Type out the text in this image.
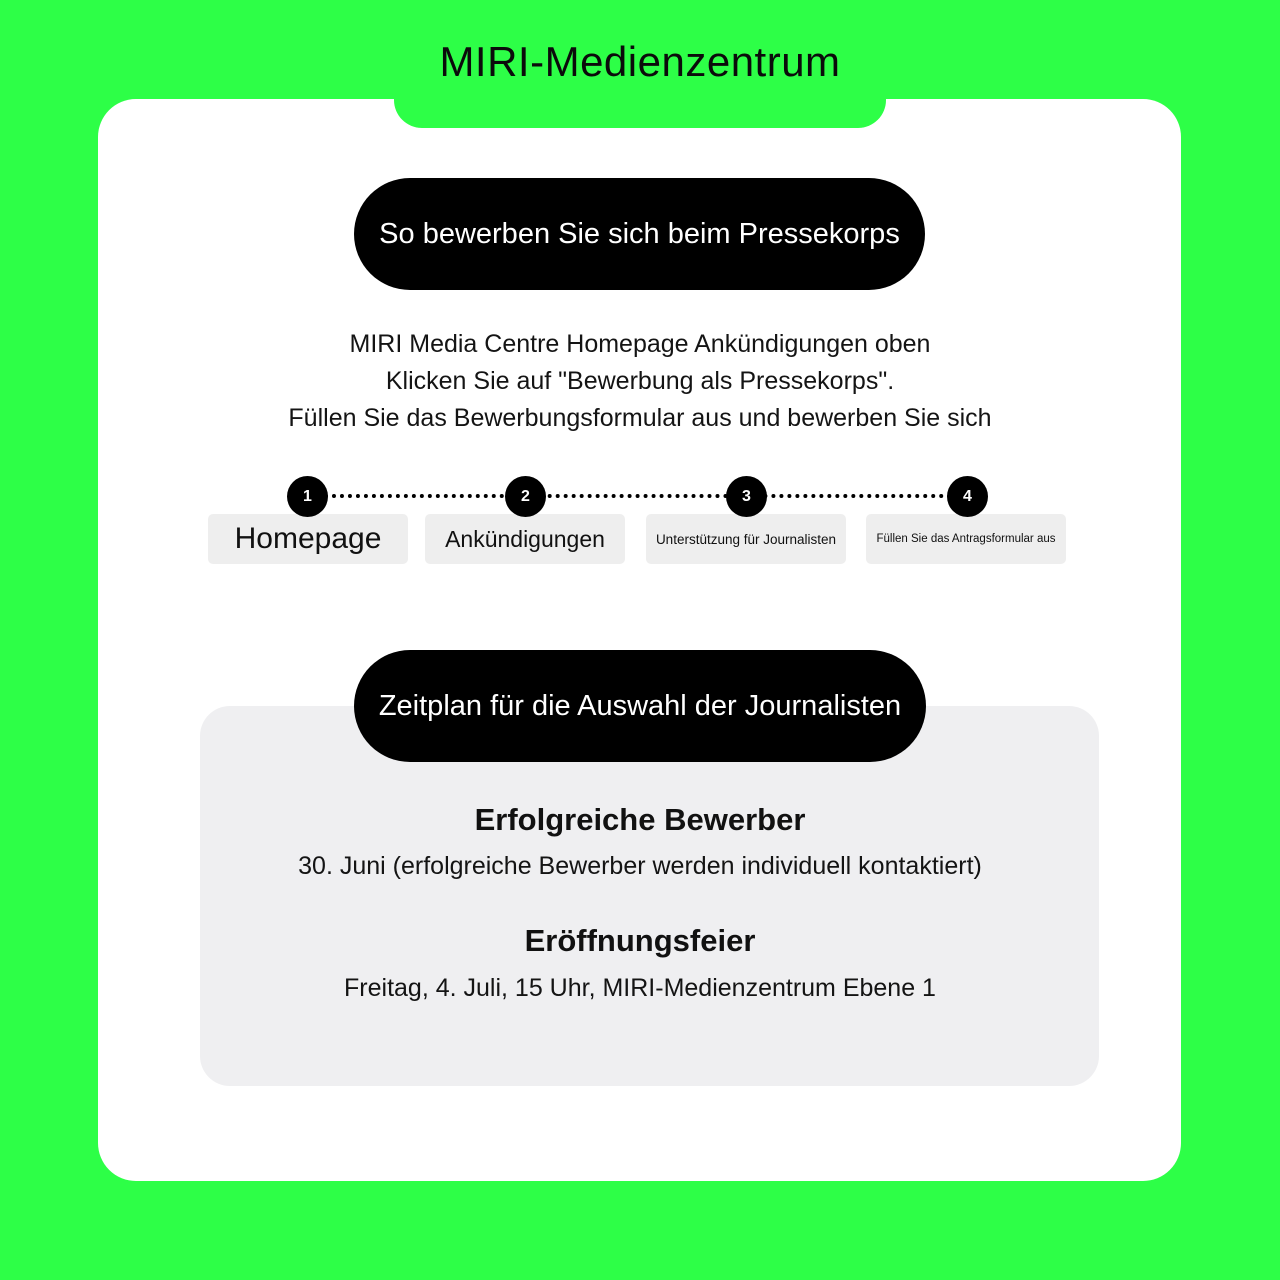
MIRI-Medienzentrum
So bewerben Sie sich beim Pressekorps
MIRI Media Centre Homepage Ankündigungen oben
Klicken Sie auf "Bewerbung als Pressekorps".
Füllen Sie das Bewerbungsformular aus und bewerben Sie sich
1	2	3	4
Homepage	Ankündigungen	Unterstützung für Journalisten	Füllen Sie das Antragsformular aus
Zeitplan für die Auswahl der Journalisten
Erfolgreiche Bewerber
30. Juni (erfolgreiche Bewerber werden individuell kontaktiert)
Eröffnungsfeier
Freitag, 4. Juli, 15 Uhr, MIRI-Medienzentrum Ebene 1
